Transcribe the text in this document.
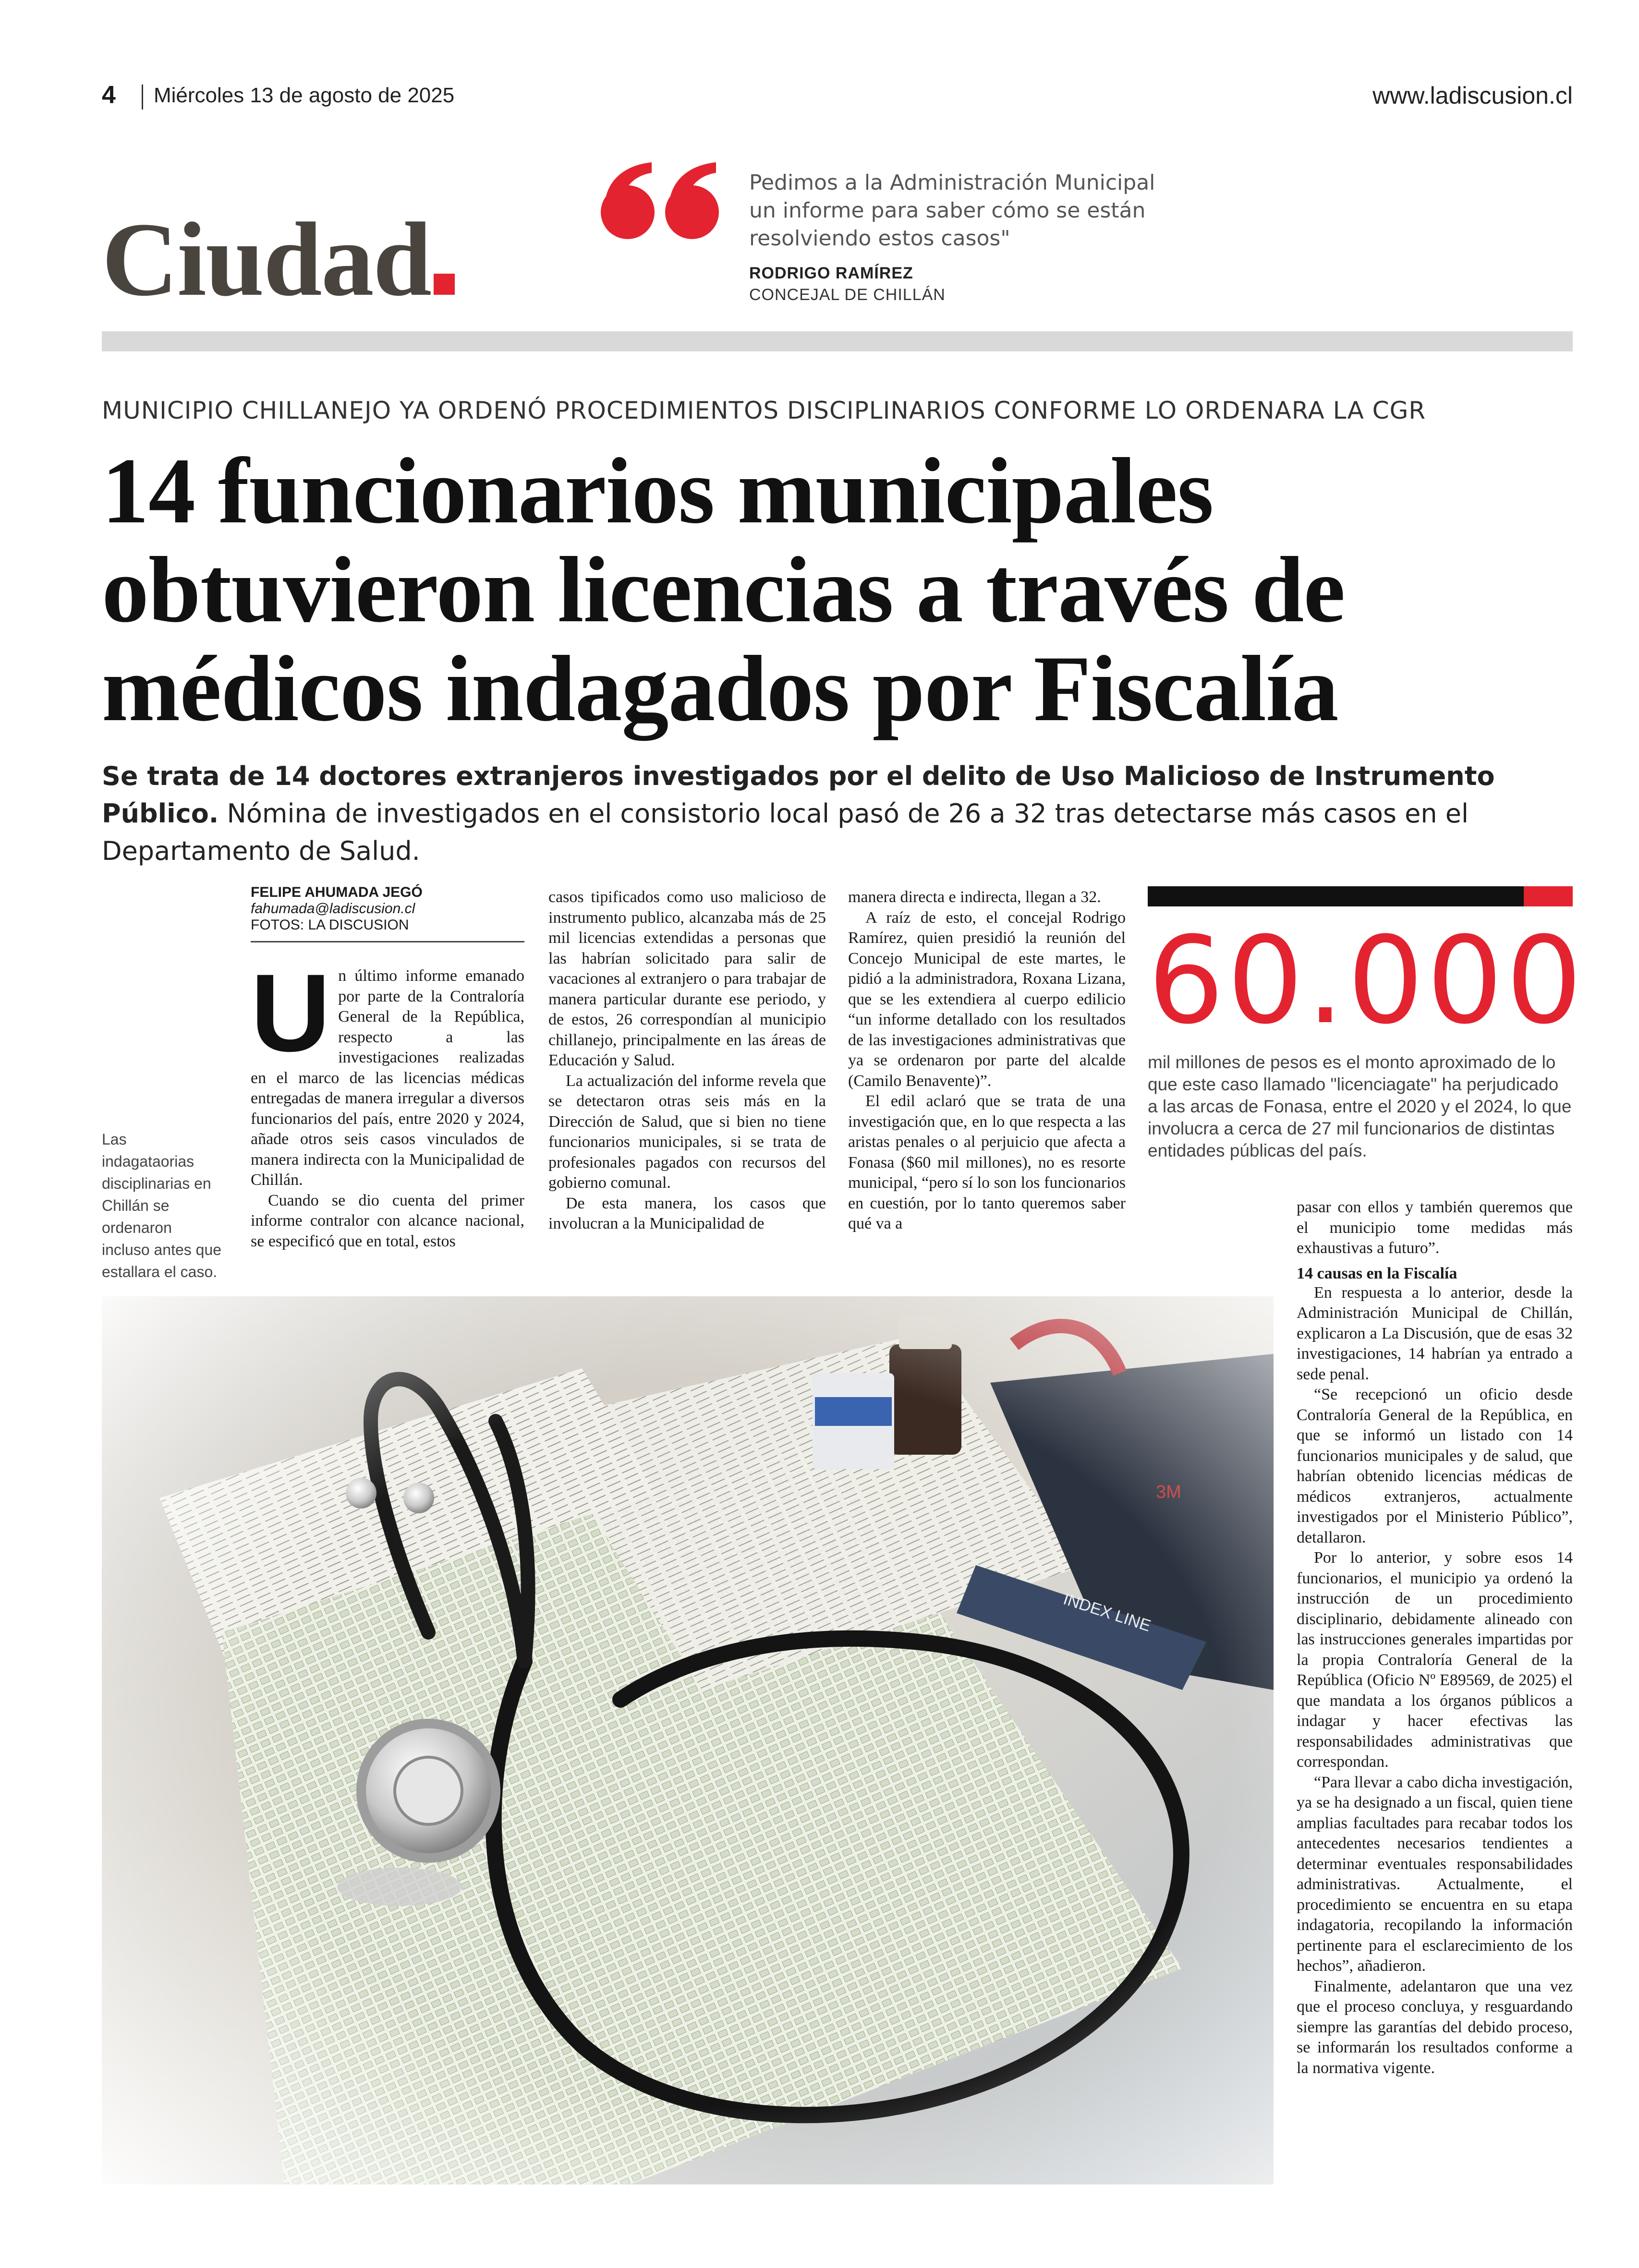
4 Miércoles 13 de agosto de 2025	www.ladiscusion.cl
Ciudad
Pedimos a la Administración Municipal un informe para saber cómo se están resolviendo estos casos"
RODRIGO RAMÍREZ
CONCEJAL DE CHILLÁN
MUNICIPIO CHILLANEJO YA ORDENÓ PROCEDIMIENTOS DISCIPLINARIOS CONFORME LO ORDENARA LA CGR
14 funcionarios municipales obtuvieron licencias a través de médicos indagados por Fiscalía
Se trata de 14 doctores extranjeros investigados por el delito de Uso Malicioso de Instrumento Público. Nómina de investigados en el consistorio local pasó de 26 a 32 tras detectarse más casos en el Departamento de Salud.
FELIPE AHUMADA JEGÓ
fahumada@ladiscusion.cl
FOTOS: LA DISCUSION
Las indagataorias disciplinarias en Chillán se ordenaron incluso antes que estallara el caso.
U n último informe emanado por parte de la Contraloría General de la República, respecto a las investigaciones realizadas en el marco de las licencias médicas entregadas de manera irregular a diversos funcionarios del país, entre 2020 y 2024, añade otros seis casos vinculados de manera indirecta con la Municipalidad de Chillán.

Cuando se dio cuenta del primer informe contralor con alcance nacional, se especificó que en total, estos

casos tipificados como uso malicioso de instrumento publico, alcanzaba más de 25 mil licencias extendidas a personas que las habrían solicitado para salir de vacaciones al extranjero o para trabajar de manera particular durante ese periodo, y de estos, 26 correspondían al municipio chillanejo, principalmente en las áreas de Educación y Salud.

La actualización del informe revela que se detectaron otras seis más en la Dirección de Salud, que si bien no tiene funcionarios municipales, si se trata de profesionales pagados con recursos del gobierno comunal.

De esta manera, los casos que involucran a la Municipalidad de

manera directa e indirecta, llegan a 32.

A raíz de esto, el concejal Rodrigo Ramírez, quien presidió la reunión del Concejo Municipal de este martes, le pidió a la administradora, Roxana Lizana, que se les extendiera al cuerpo edilicio “un informe detallado con los resultados de las investigaciones administrativas que ya se ordenaron por parte del alcalde (Camilo Benavente)”.

El edil aclaró que se trata de una investigación que, en lo que respecta a las aristas penales o al perjuicio que afecta a Fonasa ($60 mil millones), no es resorte municipal, “pero sí lo son los funcionarios en cuestión, por lo tanto queremos saber qué va a

60.000
mil millones de pesos es el monto aproximado de lo que este caso llamado "licenciagate" ha perjudicado a las arcas de Fonasa, entre el 2020 y el 2024, lo que involucra a cerca de 27 mil funcionarios de distintas entidades públicas del país.

pasar con ellos y también queremos que el municipio tome medidas más exhaustivas a futuro”.

14 causas en la Fiscalía

En respuesta a lo anterior, desde la Administración Municipal de Chillán, explicaron a La Discusión, que de esas 32 investigaciones, 14 habrían ya entrado a sede penal.

“Se recepcionó un oficio desde Contraloría General de la República, en que se informó un listado con 14 funcionarios municipales y de salud, que habrían obtenido licencias médicas de médicos extranjeros, actualmente investigados por el Ministerio Público”, detallaron.

Por lo anterior, y sobre esos 14 funcionarios, el municipio ya ordenó la instrucción de un procedimiento disciplinario, debidamente alineado con las instrucciones generales impartidas por la propia Contraloría General de la República (Oficio Nº E89569, de 2025) el que mandata a los órganos públicos a indagar y hacer efectivas las responsabilidades administrativas que correspondan.

“Para llevar a cabo dicha investigación, ya se ha designado a un fiscal, quien tiene amplias facultades para recabar todos los antecedentes necesarios tendientes a determinar eventuales responsabilidades administrativas. Actualmente, el procedimiento se encuentra en su etapa indagatoria, recopilando la información pertinente para el esclarecimiento de los hechos”, añadieron.

Finalmente, adelantaron que una vez que el proceso concluya, y resguardando siempre las garantías del debido proceso, se informarán los resultados conforme a la normativa vigente.
